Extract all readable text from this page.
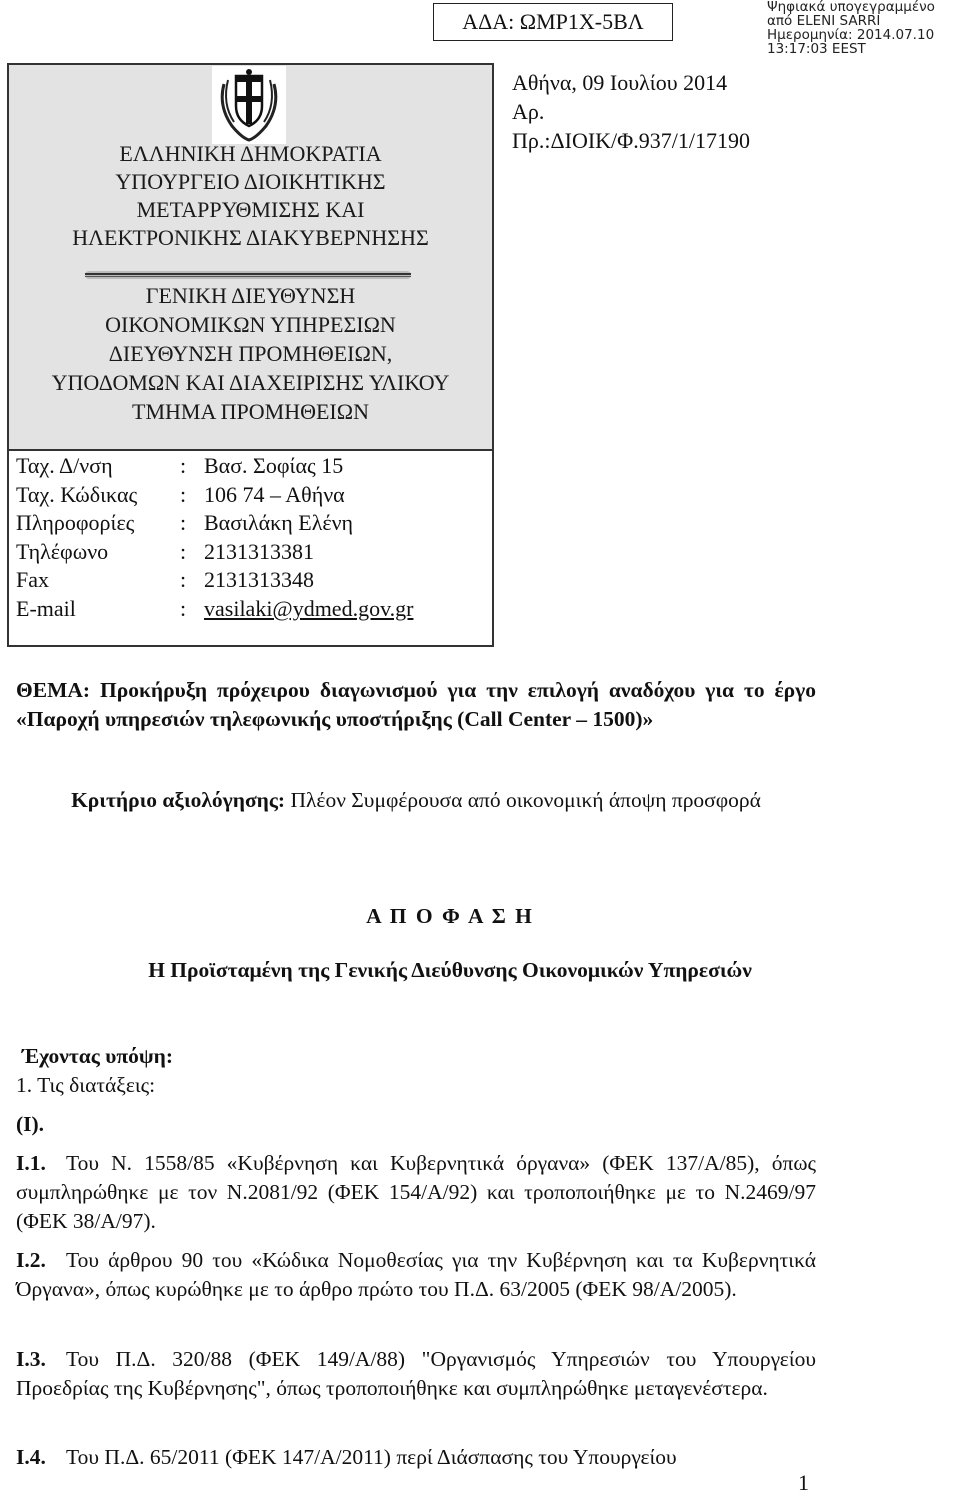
ΑΔΑ: ΩΜΡ1Χ-5ΒΛ
Ψηφιακά υπογεγραμμένο
από ELENI SARRI
Ημερομηνία: 2014.07.10
13:17:03 EEST
Αθήνα, 09 Ιουλίου 2014
Αρ.
Πρ.:ΔΙΟΙΚ/Φ.937/1/17190
ΕΛΛΗΝΙΚΗ ΔΗΜΟΚΡΑΤΙΑ
ΥΠΟΥΡΓΕΙΟ ΔΙΟΙΚΗΤΙΚΗΣ
ΜΕΤΑΡΡΥΘΜΙΣΗΣ ΚΑΙ
ΗΛΕΚΤΡΟΝΙΚΗΣ ΔΙΑΚΥΒΕΡΝΗΣΗΣ
ΓΕΝΙΚΗ ΔΙΕΥΘΥΝΣΗ
ΟΙΚΟΝΟΜΙΚΩΝ ΥΠΗΡΕΣΙΩΝ
ΔΙΕΥΘΥΝΣΗ ΠΡΟΜΗΘΕΙΩΝ,
ΥΠΟΔΟΜΩΝ ΚΑΙ ΔΙΑΧΕΙΡΙΣΗΣ ΥΛΙΚΟΥ
ΤΜΗΜΑ ΠΡΟΜΗΘΕΙΩΝ
Ταχ. Δ/νση	: Βασ. Σοφίας 15
Ταχ. Κώδικας	: 106 74 – Αθήνα
Πληροφορίες	: Βασιλάκη Ελένη
Τηλέφωνο	: 2131313381
Fax	: 2131313348
E-mail	: vasilaki@ydmed.gov.gr
ΘΕΜΑ: Προκήρυξη πρόχειρου διαγωνισμού για την επιλογή αναδόχου για το έργο «Παροχή υπηρεσιών τηλεφωνικής υποστήριξης (Call Center – 1500)»
Κριτήριο αξιολόγησης: Πλέον Συμφέρουσα από οικονομική άποψη προσφορά
Α Π Ο Φ Α Σ Η
Η Προϊσταμένη της Γενικής Διεύθυνσης Οικονομικών Υπηρεσιών
Έχοντας υπόψη:
1. Τις διατάξεις:
(Ι).
Ι.1. Του Ν. 1558/85 «Κυβέρνηση και Κυβερνητικά όργανα» (ΦΕΚ 137/Α/85), όπως συμπληρώθηκε με τον Ν.2081/92 (ΦΕΚ 154/Α/92) και τροποποιήθηκε με το Ν.2469/97 (ΦΕΚ 38/Α/97).
Ι.2. Του άρθρου 90 του «Κώδικα Νομοθεσίας για την Κυβέρνηση και τα Κυβερνητικά Όργανα», όπως κυρώθηκε με το άρθρο πρώτο του Π.Δ. 63/2005 (ΦΕΚ 98/Α/2005).
Ι.3. Του Π.Δ. 320/88 (ΦΕΚ 149/Α/88) "Οργανισμός Υπηρεσιών του Υπουργείου Προεδρίας της Κυβέρνησης", όπως τροποποιήθηκε και συμπληρώθηκε μεταγενέστερα.
Ι.4. Του Π.Δ. 65/2011 (ΦΕΚ 147/Α/2011) περί Διάσπασης του Υπουργείου
1
